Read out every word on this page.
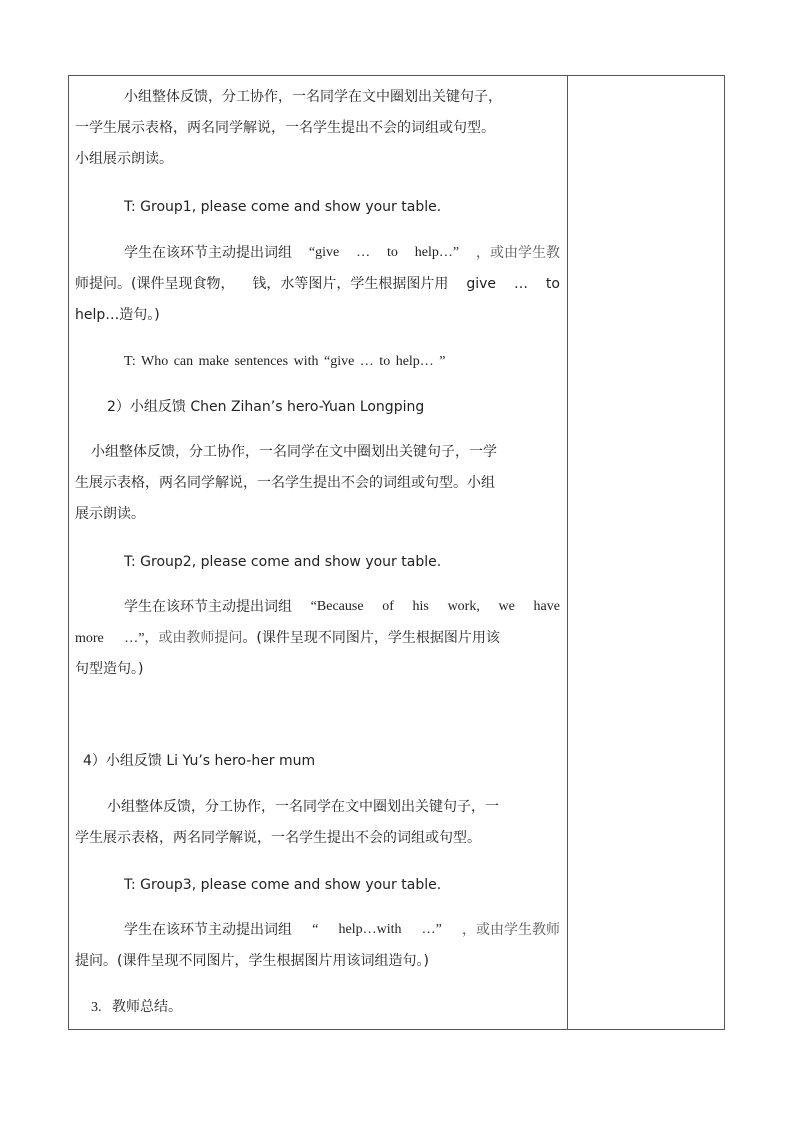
小组整体反馈，分工协作，一名同学在文中圈划出关键句子，
一学生展示表格，两名同学解说，一名学生提出不会的词组或句型。
小组展示朗读。
T: Group1, please come and show your table.
学生在该环节主动提出词组 “give … to help…” ，或由学生教
师提问。(课件呈现食物， 钱，水等图片，学生根据图片用 give … to
help…造句。)
T: Who can make sentences with “give … to help… ”
2）小组反馈 Chen Zihan’s hero-Yuan Longping
小组整体反馈，分工协作，一名同学在文中圈划出关键句子，一学
生展示表格，两名同学解说，一名学生提出不会的词组或句型。小组
展示朗读。
T: Group2, please come and show your table.
学生在该环节主动提出词组 “Because of his work, we have
more …”，或由教师提问。(课件呈现不同图片，学生根据图片用该
句型造句。)
4）小组反馈 Li Yu’s hero-her mum
小组整体反馈，分工协作，一名同学在文中圈划出关键句子，一
学生展示表格，两名同学解说，一名学生提出不会的词组或句型。
T: Group3, please come and show your table.
学生在该环节主动提出词组 “ help…with …” ，或由学生教师
提问。(课件呈现不同图片，学生根据图片用该词组造句。)
3. 教师总结。
